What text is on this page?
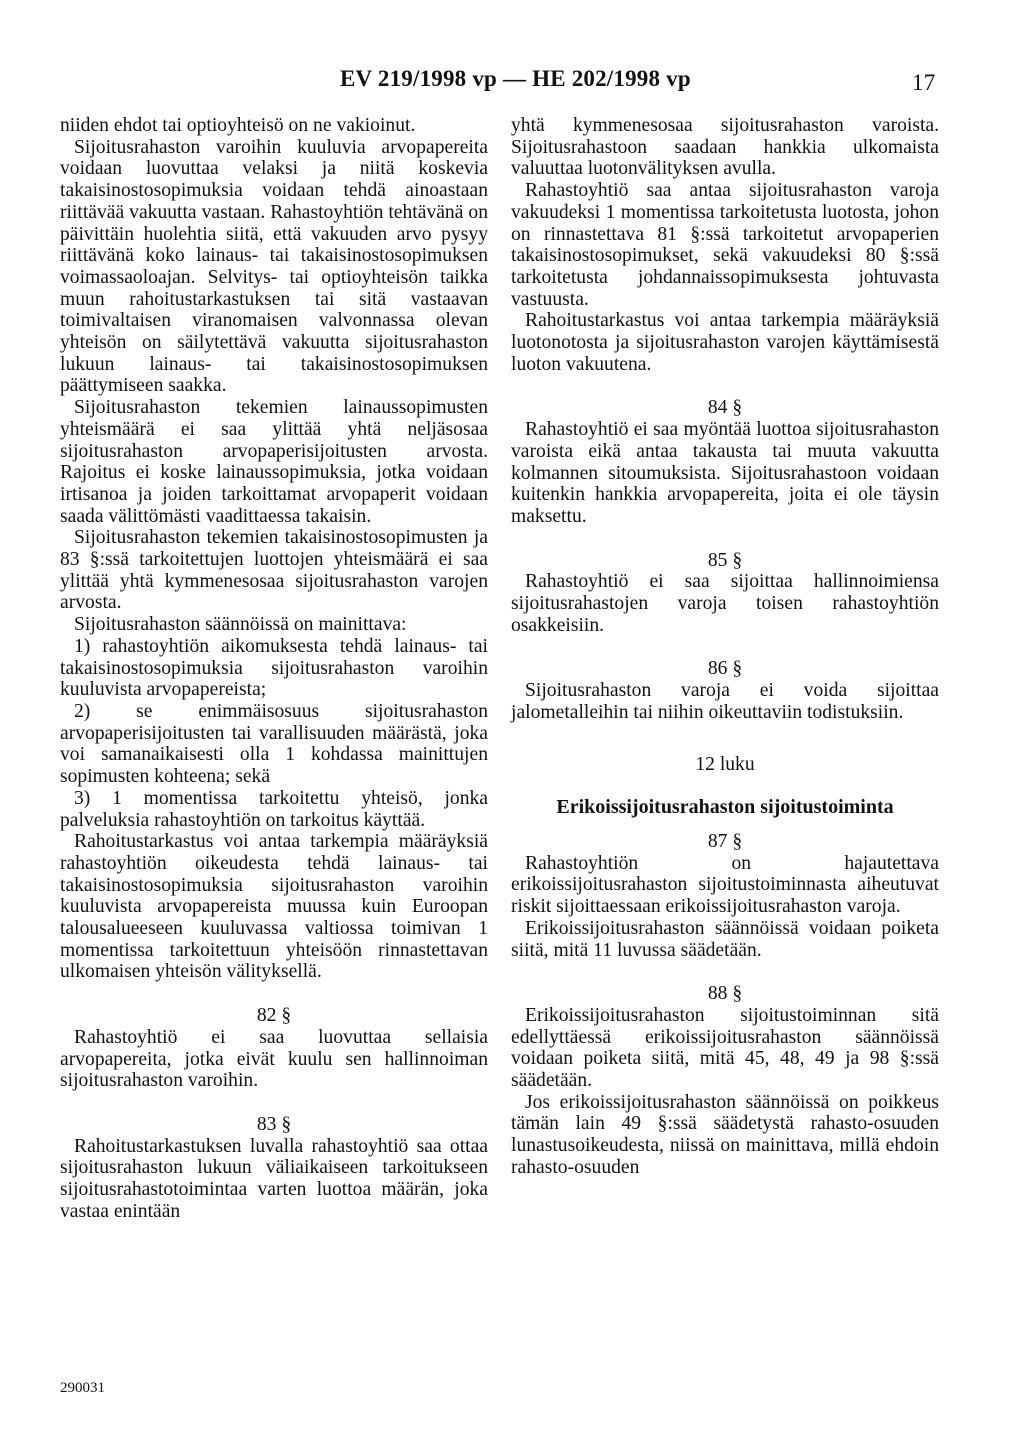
EV 219/1998 vp — HE 202/1998 vp	17

niiden ehdot tai optioyhteisö on ne vakioinut.

Sijoitusrahaston varoihin kuuluvia arvopapereita voidaan luovuttaa velaksi ja niitä koskevia takaisinostosopimuksia voidaan tehdä ainoastaan riittävää vakuutta vastaan. Rahastoyhtiön tehtävänä on päivittäin huolehtia siitä, että vakuuden arvo pysyy riittävänä koko lainaus- tai takaisinostosopimuksen voimassaoloajan. Selvitys- tai optioyhteisön taikka muun rahoitustarkastuksen tai sitä vastaavan toimivaltaisen viranomaisen valvonnassa olevan yhteisön on säilytettävä vakuutta sijoitusrahaston lukuun lainaus- tai takaisinostosopimuksen päättymiseen saakka.

Sijoitusrahaston tekemien lainaussopimusten yhteismäärä ei saa ylittää yhtä neljäsosaa sijoitusrahaston arvopaperisijoitusten arvosta. Rajoitus ei koske lainaussopimuksia, jotka voidaan irtisanoa ja joiden tarkoittamat arvopaperit voidaan saada välittömästi vaadittaessa takaisin.

Sijoitusrahaston tekemien takaisinostosopimusten ja 83 §:ssä tarkoitettujen luottojen yhteismäärä ei saa ylittää yhtä kymmenesosaa sijoitusrahaston varojen arvosta.

Sijoitusrahaston säännöissä on mainittava:

1) rahastoyhtiön aikomuksesta tehdä lainaus- tai takaisinostosopimuksia sijoitusrahaston varoihin kuuluvista arvopapereista;

2) se enimmäisosuus sijoitusrahaston arvopaperisijoitusten tai varallisuuden määrästä, joka voi samanaikaisesti olla 1 kohdassa mainittujen sopimusten kohteena; sekä

3) 1 momentissa tarkoitettu yhteisö, jonka palveluksia rahastoyhtiön on tarkoitus käyttää.

Rahoitustarkastus voi antaa tarkempia määräyksiä rahastoyhtiön oikeudesta tehdä lainaus- tai takaisinostosopimuksia sijoitusrahaston varoihin kuuluvista arvopapereista muussa kuin Euroopan talousalueeseen kuuluvassa valtiossa toimivan 1 momentissa tarkoitettuun yhteisöön rinnastettavan ulkomaisen yhteisön välityksellä.

82 §

Rahastoyhtiö ei saa luovuttaa sellaisia arvopapereita, jotka eivät kuulu sen hallinnoiman sijoitusrahaston varoihin.

83 §

Rahoitustarkastuksen luvalla rahastoyhtiö saa ottaa sijoitusrahaston lukuun väliaikaiseen tarkoitukseen sijoitusrahastotoimintaa varten luottoa määrän, joka vastaa enintään

yhtä kymmenesosaa sijoitusrahaston varoista. Sijoitusrahastoon saadaan hankkia ulkomaista valuuttaa luotonvälityksen avulla.

Rahastoyhtiö saa antaa sijoitusrahaston varoja vakuudeksi 1 momentissa tarkoitetusta luotosta, johon on rinnastettava 81 §:ssä tarkoitetut arvopaperien takaisinostosopimukset, sekä vakuudeksi 80 §:ssä tarkoitetusta johdannaissopimuksesta johtuvasta vastuusta.

Rahoitustarkastus voi antaa tarkempia määräyksiä luotonotosta ja sijoitusrahaston varojen käyttämisestä luoton vakuutena.

84 §

Rahastoyhtiö ei saa myöntää luottoa sijoitusrahaston varoista eikä antaa takausta tai muuta vakuutta kolmannen sitoumuksista. Sijoitusrahastoon voidaan kuitenkin hankkia arvopapereita, joita ei ole täysin maksettu.

85 §

Rahastoyhtiö ei saa sijoittaa hallinnoimiensa sijoitusrahastojen varoja toisen rahastoyhtiön osakkeisiin.

86 §

Sijoitusrahaston varoja ei voida sijoittaa jalometalleihin tai niihin oikeuttaviin todistuksiin.

12 luku

Erikoissijoitusrahaston sijoitustoiminta

87 §

Rahastoyhtiön on hajautettava erikoissijoitusrahaston sijoitustoiminnasta aiheutuvat riskit sijoittaessaan erikoissijoitusrahaston varoja.

Erikoissijoitusrahaston säännöissä voidaan poiketa siitä, mitä 11 luvussa säädetään.

88 §

Erikoissijoitusrahaston sijoitustoiminnan sitä edellyttäessä erikoissijoitusrahaston säännöissä voidaan poiketa siitä, mitä 45, 48, 49 ja 98 §:ssä säädetään.

Jos erikoissijoitusrahaston säännöissä on poikkeus tämän lain 49 §:ssä säädetystä rahasto-osuuden lunastusoikeudesta, niissä on mainittava, millä ehdoin rahasto-osuuden

290031
